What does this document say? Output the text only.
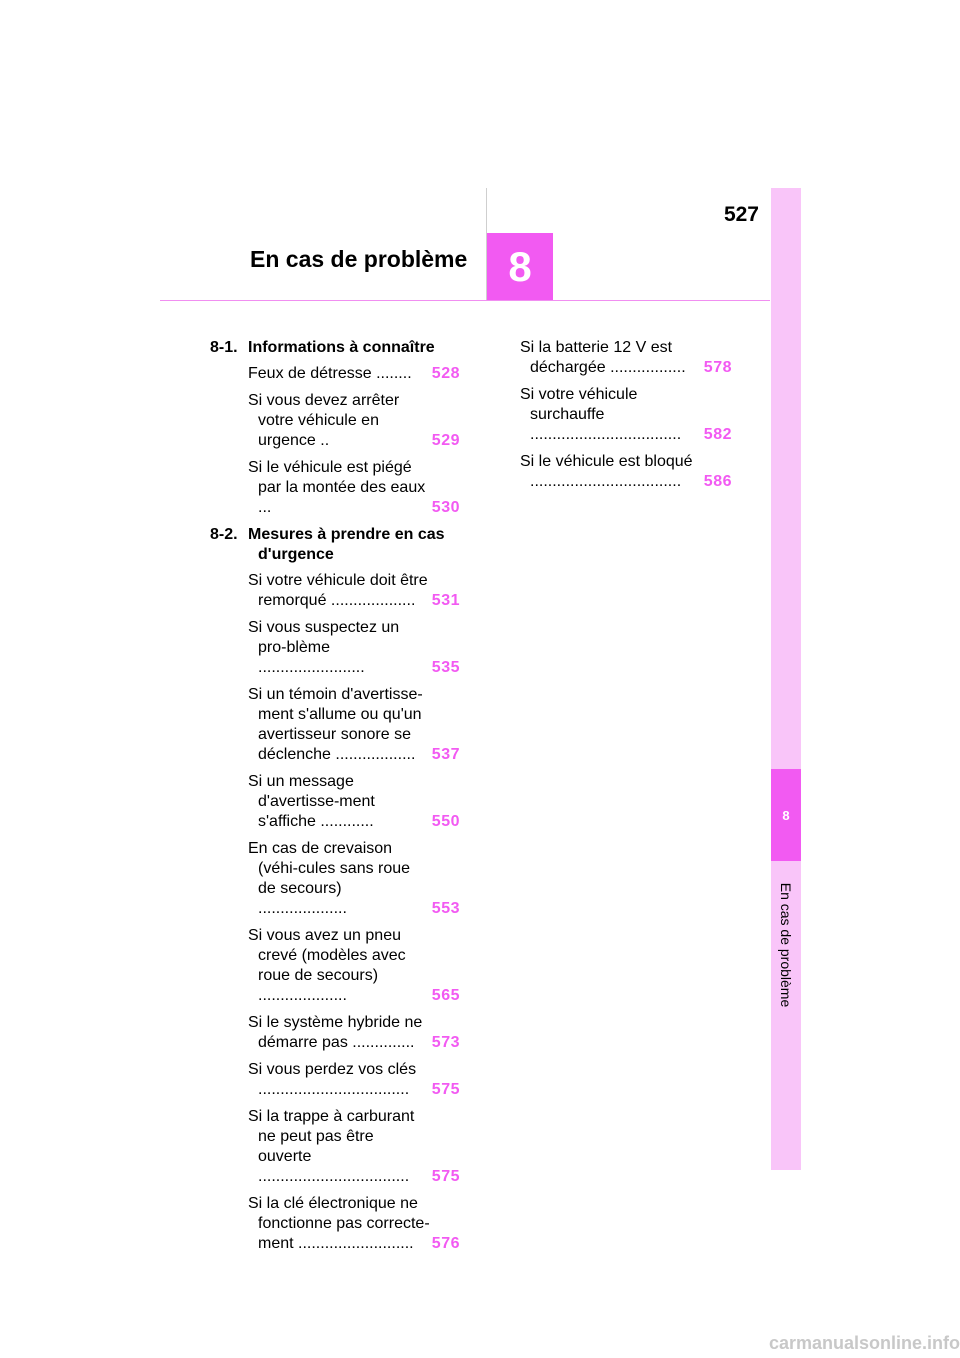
527
En cas de problème 8
8
En cas de problème
8-1. Informations à connaître
Feux de détresse ........	528
Si vous devez arrêter votre véhicule en urgence ..	529
Si le véhicule est piégé par la montée des eaux ...	530
8-2. Mesures à prendre en cas d'urgence
Si votre véhicule doit être remorqué ...................	531
Si vous suspectez un pro-blème ........................	535
Si un témoin d'avertisse-ment s'allume ou qu'un avertisseur sonore se déclenche ..................	537
Si un message d'avertisse-ment s'affiche ............	550
En cas de crevaison (véhi-cules sans roue de secours) ....................	553
Si vous avez un pneu crevé (modèles avec roue de secours) ....................	565
Si le système hybride ne démarre pas ..............	573
Si vous perdez vos clés ..................................	575
Si la trappe à carburant ne peut pas être ouverte ..................................	575
Si la clé électronique ne fonctionne pas correcte-ment ..........................	576
Si la batterie 12 V est déchargée .................	578
Si votre véhicule surchauffe ..................................	582
Si le véhicule est bloqué ..................................	586
carmanualsonline.info
